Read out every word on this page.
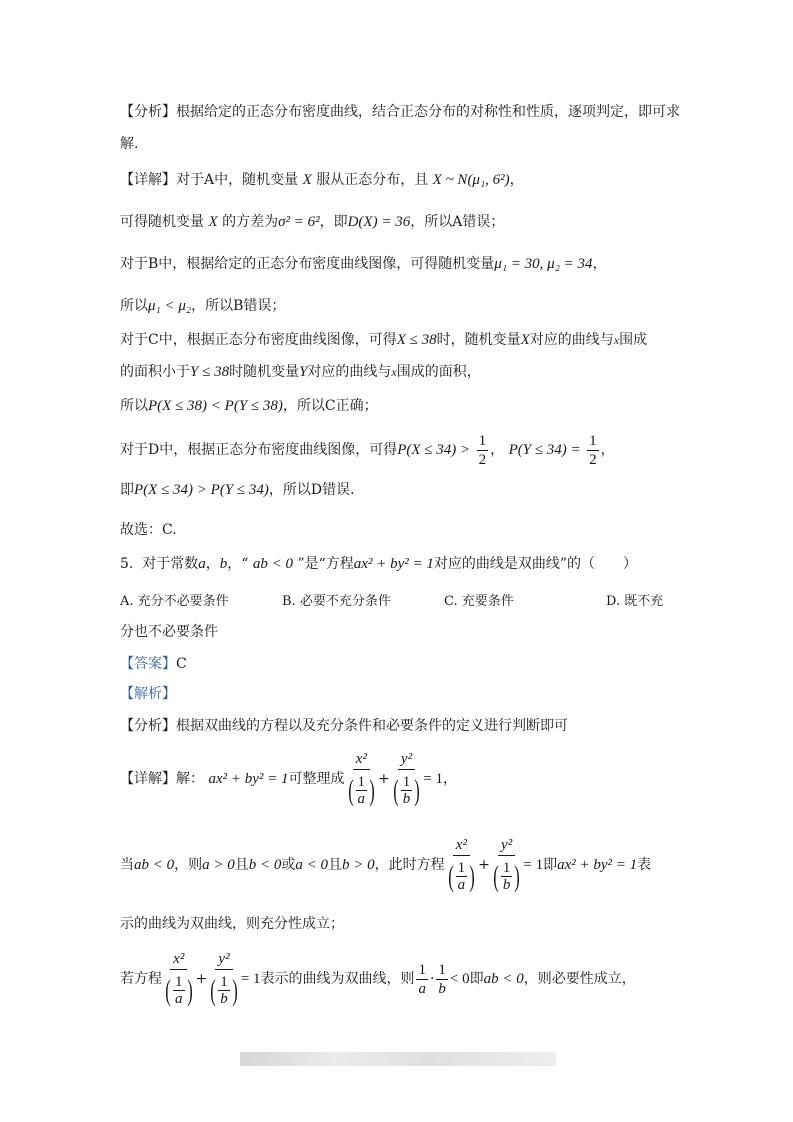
【分析】根据给定的正态分布密度曲线，结合正态分布的对称性和性质，逐项判定，即可求
解.
【详解】对于A中，随机变量 X 服从正态分布，且 X ~ N(μ₁, 6²)，
可得随机变量 X 的方差为σ² = 6²，即D(X) = 36，所以A错误；
对于B中，根据给定的正态分布密度曲线图像，可得随机变量μ₁ = 30, μ₂ = 34，
所以μ₁ < μ₂，所以B错误；
对于C中，根据正态分布密度曲线图像，可得X ≤ 38时，随机变量X对应的曲线与x围成
的面积小于Y ≤ 38时随机变量Y对应的曲线与x围成的面积，
所以P(X ≤ 38) < P(Y ≤ 38)，所以C正确；
对于D中，根据正态分布密度曲线图像，可得$P(X \le 34) > \frac{1}{2}$ ， $P(Y \le 34) = \frac{1}{2}$ ，
即P(X ≤ 34) > P(Y ≤ 34)，所以D错误.
故选：C.
5. 对于常数a，b，“ ab < 0 ”是“方程ax² + by² = 1对应的曲线是双曲线”的（　　）
A. 充分不必要条件	B. 必要不充分条件	C. 充要条件	D. 既不充
分也不必要条件
【答案】C
【解析】
【分析】根据双曲线的方程以及充分条件和必要条件的定义进行判断即可
【详解】 解：
ax² + by² = 1 可整理成 $\frac{\text{x²}}{( \frac{1}{a} )} + \frac{\text{y²}}{( \frac{1}{b} )} = 1$ ，
当 ab < 0 ，则 a > 0 且 b < 0 或 a < 0 且 b > 0 ，此时方程 $\frac{\text{x²}}{( \frac{1}{a} )} + \frac{\text{y²}}{( \frac{1}{b} )} = 1$ 即 ax² + by² = 1 表
示的曲线为双曲线，则充分性成立；
若方程 $\frac{\text{x²}}{( \frac{1}{a} )} + \frac{\text{y²}}{( \frac{1}{b} )} = 1$ 表示的曲线为双曲线，则 $\frac{1}{a} \cdot \frac{1}{b} < 0$ 即 ab < 0 ，则必要性成立，
